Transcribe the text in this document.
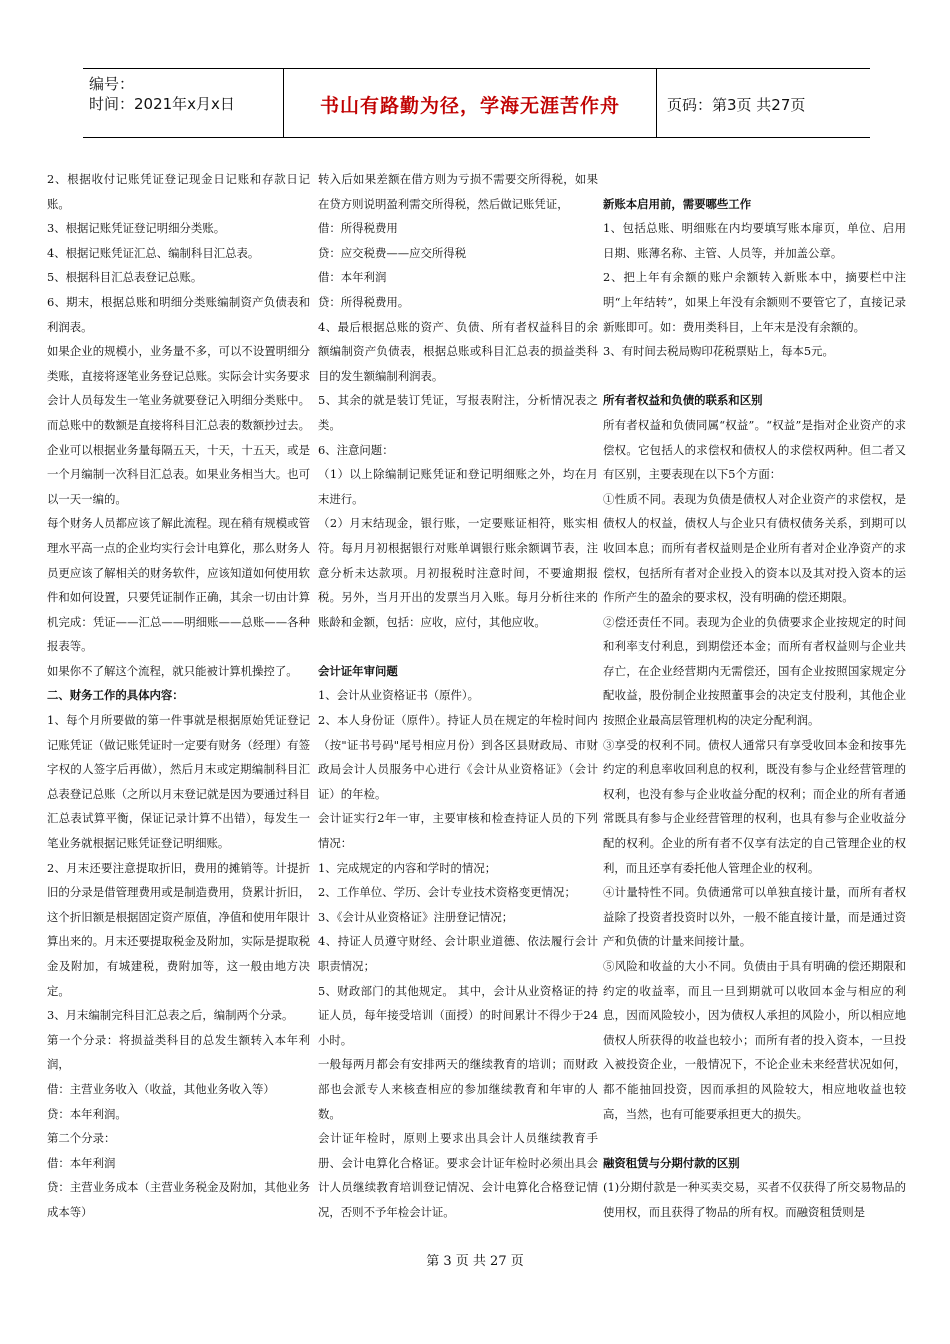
编号：
时间：2021年x月x日	书山有路勤为径，学海无涯苦作舟	页码：第3页 共27页

2、根据收付记账凭证登记现金日记账和存款日记账。

3、根据记账凭证登记明细分类账。

4、根据记账凭证汇总、编制科目汇总表。

5、根据科目汇总表登记总账。

6、期末，根据总账和明细分类账编制资产负债表和利润表。

如果企业的规模小，业务量不多，可以不设置明细分类账，直接将逐笔业务登记总账。实际会计实务要求会计人员每发生一笔业务就要登记入明细分类账中。而总账中的数额是直接将科目汇总表的数额抄过去。企业可以根据业务量每隔五天，十天，十五天，或是一个月编制一次科目汇总表。如果业务相当大。也可以一天一编的。

每个财务人员都应该了解此流程。现在稍有规模或管理水平高一点的企业均实行会计电算化，那么财务人员更应该了解相关的财务软件，应该知道如何使用软件和如何设置，只要凭证制作正确，其余一切由计算机完成：凭证——汇总——明细账——总账——各种报表等。

如果你不了解这个流程，就只能被计算机操控了。

二、财务工作的具体内容：

1、每个月所要做的第一件事就是根据原始凭证登记记账凭证（做记账凭证时一定要有财务（经理）有签字权的人签字后再做），然后月末或定期编制科目汇总表登记总账（之所以月末登记就是因为要通过科目汇总表试算平衡，保证记录计算不出错），每发生一笔业务就根据记账凭证登记明细账。

2、月末还要注意提取折旧，费用的摊销等。计提折旧的分录是借管理费用或是制造费用，贷累计折旧，这个折旧额是根据固定资产原值，净值和使用年限计算出来的。月末还要提取税金及附加，实际是提取税金及附加，有城建税，费附加等，这一般由地方决定。

3、月末编制完科目汇总表之后，编制两个分录。

第一个分录：将损益类科目的总发生额转入本年利润，

借：主营业务收入（收益，其他业务收入等）

贷：本年利润。

第二个分录：

借：本年利润

贷：主营业务成本（主营业务税金及附加，其他业务成本等）

转入后如果差额在借方则为亏损不需要交所得税，如果在贷方则说明盈利需交所得税，然后做记账凭证，

借：所得税费用

贷：应交税费——应交所得税

借：本年利润

贷：所得税费用。

4、最后根据总账的资产、负债、所有者权益科目的余额编制资产负债表，根据总账或科目汇总表的损益类科目的发生额编制利润表。

5、其余的就是装订凭证，写报表附注，分析情况表之类。

6、注意问题：

（1）以上除编制记账凭证和登记明细账之外，均在月末进行。

（2）月末结现金，银行账，一定要账证相符，账实相符。每月月初根据银行对账单调银行账余额调节表，注意分析未达款项。月初报税时注意时间，不要逾期报税。另外，当月开出的发票当月入账。每月分析往来的账龄和金额，包括：应收，应付，其他应收。

会计证年审问题

1、会计从业资格证书（原件）。

2、本人身份证（原件）。持证人员在规定的年检时间内（按"证书号码"尾号相应月份）到各区县财政局、市财政局会计人员服务中心进行《会计从业资格证》（会计证）的年检。

会计证实行2年一审，主要审核和检查持证人员的下列情况：

1、完成规定的内容和学时的情况；

2、工作单位、学历、会计专业技术资格变更情况；

3、《会计从业资格证》注册登记情况；

4、持证人员遵守财经、会计职业道德、依法履行会计职责情况；

5、财政部门的其他规定。 其中，会计从业资格证的持证人员，每年接受培训（面授）的时间累计不得少于24小时。

一般每两月都会有安排两天的继续教育的培训；而财政部也会派专人来核查相应的参加继续教育和年审的人数。

会计证年检时，原则上要求出具会计人员继续教育手册、会计电算化合格证。要求会计证年检时必须出具会计人员继续教育培训登记情况、会计电算化合格登记情况，否则不予年检会计证。

新账本启用前，需要哪些工作

1、包括总账、明细账在内均要填写账本扉页，单位、启用日期、账薄名称、主管、人员等，并加盖公章。

2、把上年有余额的账户余额转入新账本中，摘要栏中注明“上年结转”，如果上年没有余额则不要管它了，直接记录新账即可。如：费用类科目，上年末是没有余额的。

3、有时间去税局购印花税票贴上，每本5元。

所有者权益和负债的联系和区别

所有者权益和负债同属“权益”。“权益”是指对企业资产的求偿权。它包括人的求偿权和债权人的求偿权两种。但二者又有区别，主要表现在以下5个方面：

①性质不同。表现为负债是债权人对企业资产的求偿权，是债权人的权益，债权人与企业只有债权债务关系，到期可以收回本息；而所有者权益则是企业所有者对企业净资产的求偿权，包括所有者对企业投入的资本以及其对投入资本的运作所产生的盈余的要求权，没有明确的偿还期限。

②偿还责任不同。表现为企业的负债要求企业按规定的时间和利率支付利息，到期偿还本金；而所有者权益则与企业共存亡，在企业经营期内无需偿还，国有企业按照国家规定分配收益，股份制企业按照董事会的决定支付股利，其他企业按照企业最高层管理机构的决定分配利润。

③享受的权利不同。债权人通常只有享受收回本金和按事先约定的利息率收回利息的权利，既没有参与企业经营管理的权利，也没有参与企业收益分配的权利；而企业的所有者通常既具有参与企业经营管理的权利，也具有参与企业收益分配的权利。企业的所有者不仅享有法定的自己管理企业的权利，而且还享有委托他人管理企业的权利。

④计量特性不同。负债通常可以单独直接计量，而所有者权益除了投资者投资时以外，一般不能直接计量，而是通过资产和负债的计量来间接计量。

⑤风险和收益的大小不同。负债由于具有明确的偿还期限和约定的收益率，而且一旦到期就可以收回本金与相应的利息，因而风险较小，因为债权人承担的风险小，所以相应地债权人所获得的收益也较小；而所有者的投入资本，一旦投入被投资企业，一般情况下，不论企业未来经营状况如何，都不能抽回投资，因而承担的风险较大，相应地收益也较高，当然，也有可能要承担更大的损失。

融资租赁与分期付款的区别

(1)分期付款是一种买卖交易，买者不仅获得了所交易物品的使用权，而且获得了物品的所有权。而融资租赁则是

第 3 页 共 27 页
